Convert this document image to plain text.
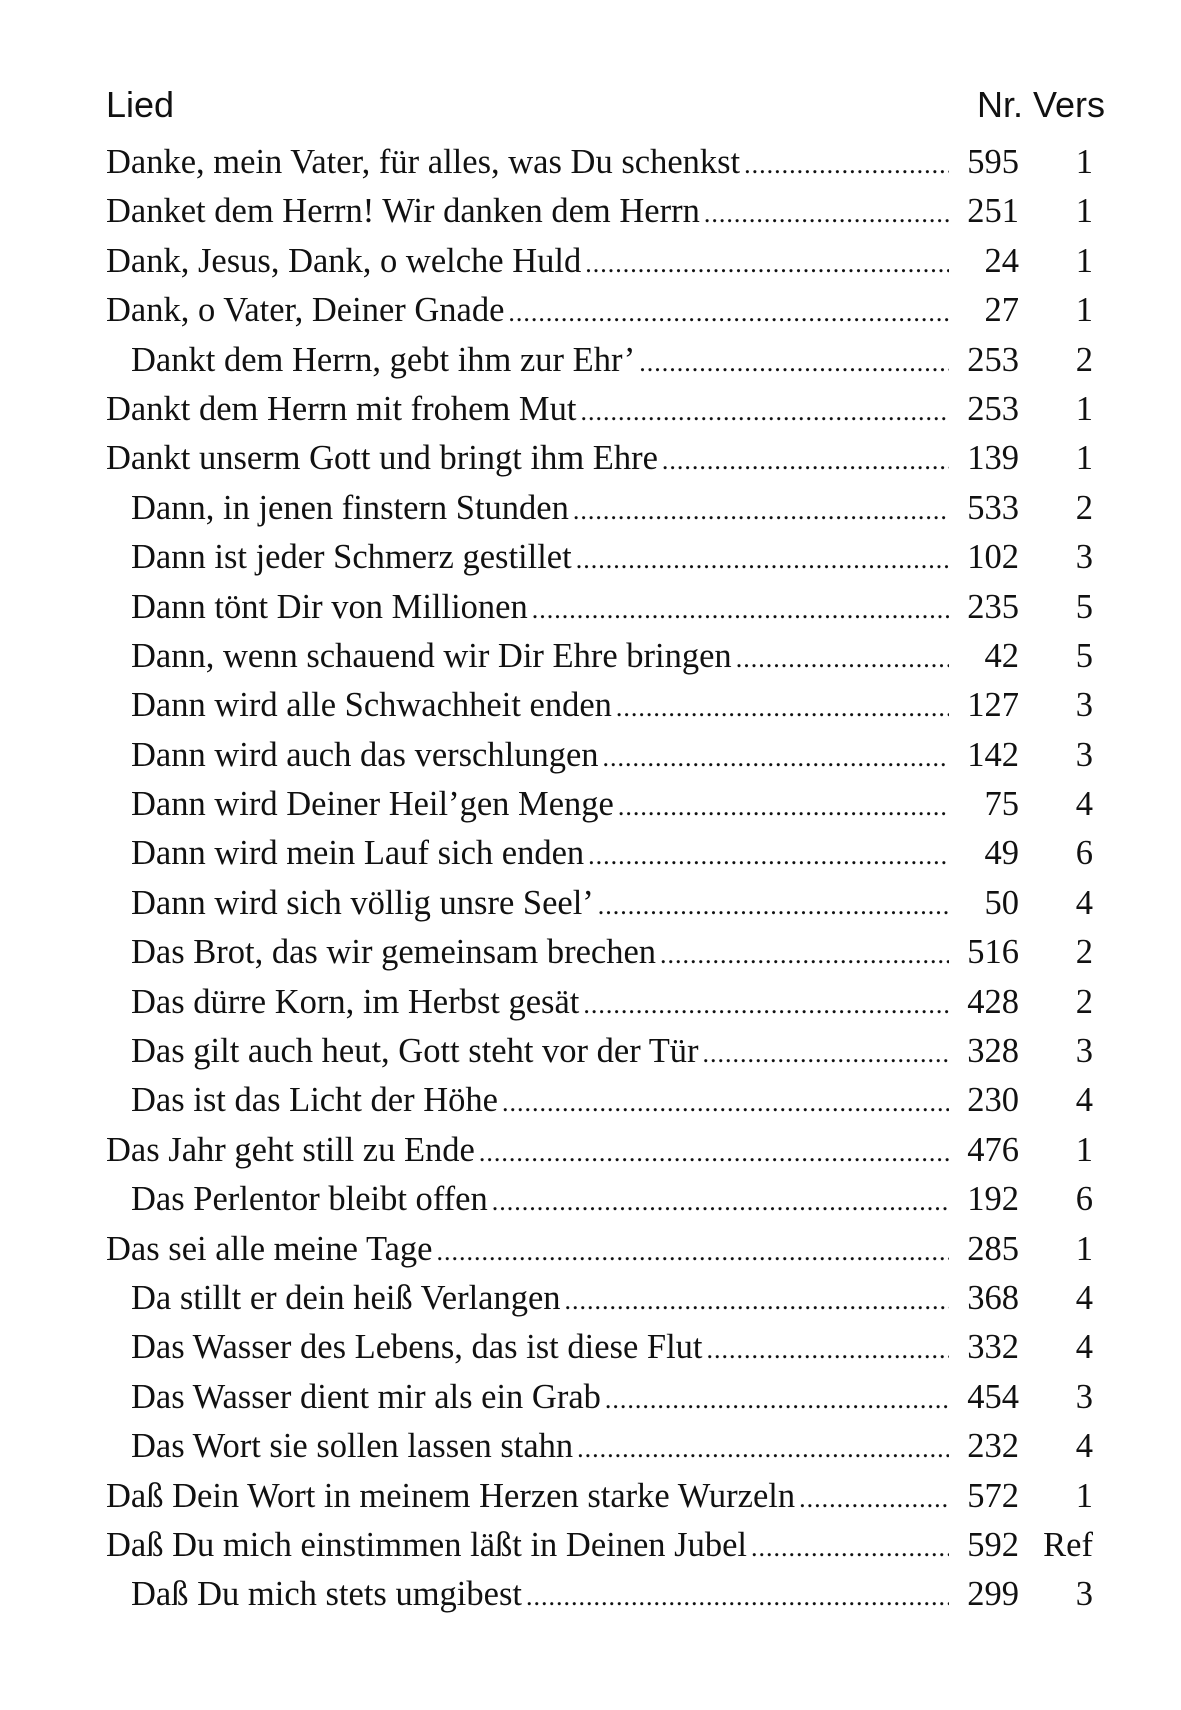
Lied	Nr. Vers
Danke, mein Vater, für alles, was Du schenkst .....	595 1
Danket dem Herrn! Wir danken dem Herrn .....	251 1
Dank, Jesus, Dank, o welche Huld .....	24 1
Dank, o Vater, Deiner Gnade .....	27 1
Dankt dem Herrn, gebt ihm zur Ehr’ .....	253 2
Dankt dem Herrn mit frohem Mut .....	253 1
Dankt unserm Gott und bringt ihm Ehre .....	139 1
Dann, in jenen finstern Stunden .....	533 2
Dann ist jeder Schmerz gestillet .....	102 3
Dann tönt Dir von Millionen .....	235 5
Dann, wenn schauend wir Dir Ehre bringen .....	42 5
Dann wird alle Schwachheit enden .....	127 3
Dann wird auch das verschlungen .....	142 3
Dann wird Deiner Heil’gen Menge .....	75 4
Dann wird mein Lauf sich enden .....	49 6
Dann wird sich völlig unsre Seel’ .....	50 4
Das Brot, das wir gemeinsam brechen .....	516 2
Das dürre Korn, im Herbst gesät .....	428 2
Das gilt auch heut, Gott steht vor der Tür .....	328 3
Das ist das Licht der Höhe .....	230 4
Das Jahr geht still zu Ende .....	476 1
Das Perlentor bleibt offen .....	192 6
Das sei alle meine Tage .....	285 1
Da stillt er dein heiß Verlangen .....	368 4
Das Wasser des Lebens, das ist diese Flut .....	332 4
Das Wasser dient mir als ein Grab .....	454 3
Das Wort sie sollen lassen stahn .....	232 4
Daß Dein Wort in meinem Herzen starke Wurzeln .....	572 1
Daß Du mich einstimmen läßt in Deinen Jubel .....	592 Ref
Daß Du mich stets umgibest .....	299 3
